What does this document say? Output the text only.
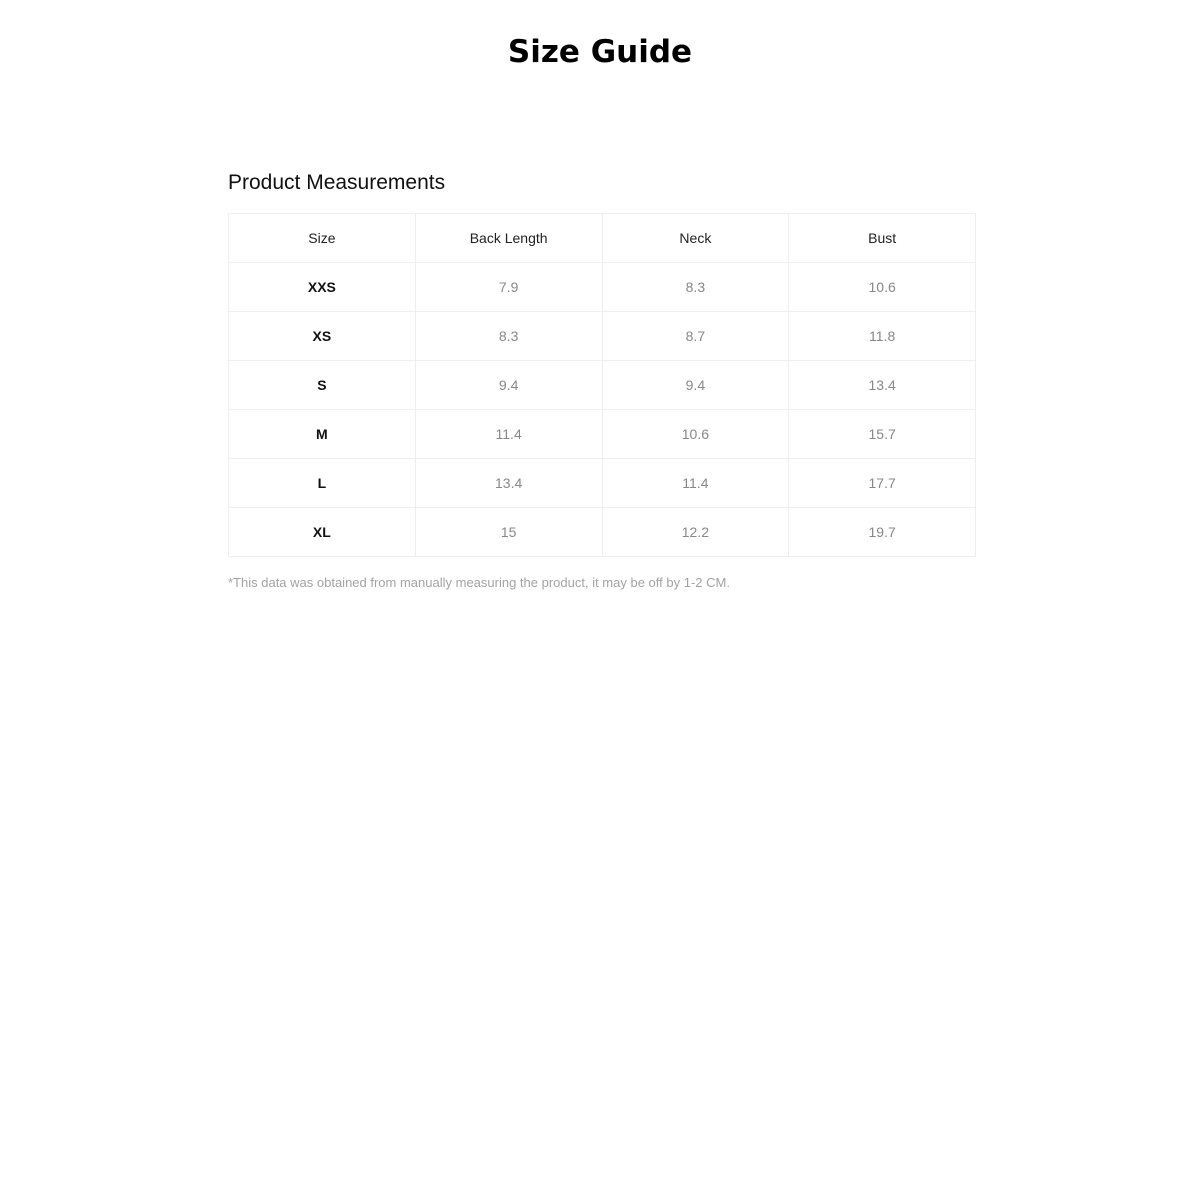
Size Guide
Product Measurements
Size	Back Length	Neck	Bust
XXS	7.9	8.3	10.6
XS	8.3	8.7	11.8
S	9.4	9.4	13.4
M	11.4	10.6	15.7
L	13.4	11.4	17.7
XL	15	12.2	19.7
*This data was obtained from manually measuring the product, it may be off by 1-2 CM.
